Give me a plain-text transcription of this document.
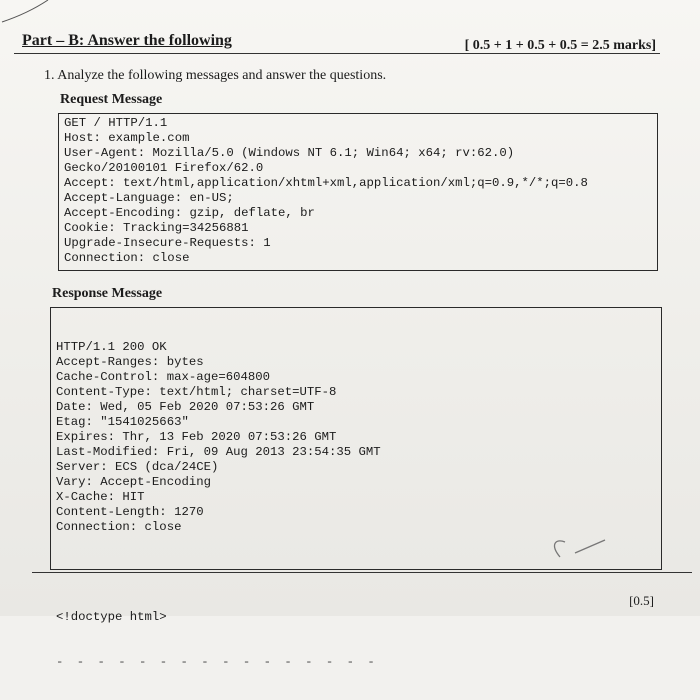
Part – B: Answer the following	[ 0.5 + 1 + 0.5 + 0.5 = 2.5 marks]
1. Analyze the following messages and answer the questions.
Request Message
GET / HTTP/1.1
Host: example.com
User-Agent: Mozilla/5.0 (Windows NT 6.1; Win64; x64; rv:62.0)
Gecko/20100101 Firefox/62.0
Accept: text/html,application/xhtml+xml,application/xml;q=0.9,*/*;q=0.8
Accept-Language: en-US;
Accept-Encoding: gzip, deflate, br
Cookie: Tracking=34256881
Upgrade-Insecure-Requests: 1
Connection: close
Response Message

HTTP/1.1 200 OK
Accept-Ranges: bytes
Cache-Control: max-age=604800
Content-Type: text/html; charset=UTF-8
Date: Wed, 05 Feb 2020 07:53:26 GMT
Etag: "1541025663"
Expires: Thr, 13 Feb 2020 07:53:26 GMT
Last-Modified: Fri, 09 Aug 2013 23:54:35 GMT
Server: ECS (dca/24CE)
Vary: Accept-Encoding
X-Cache: HIT
Content-Length: 1270
Connection: close

<!doctype html>

- - - - - - - - - - - - - - - -

[0.5]
